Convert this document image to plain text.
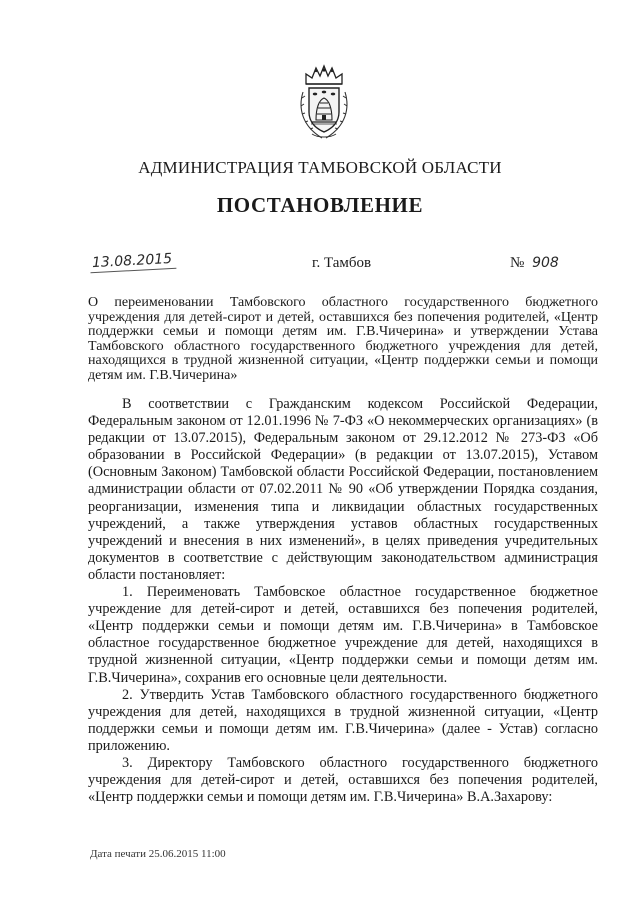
АДМИНИСТРАЦИЯ ТАМБОВСКОЙ ОБЛАСТИ
ПОСТАНОВЛЕНИЕ
13.08.2015	г. Тамбов	№ 908

О переименовании Тамбовского областного государственного бюджетного учреждения для детей-сирот и детей, оставшихся без попечения родителей, «Центр поддержки семьи и помощи детям им. Г.В.Чичерина» и утверждении Устава Тамбовского областного государственного бюджетного учреждения для детей, находящихся в трудной жизненной ситуации, «Центр поддержки семьи и помощи детям им. Г.В.Чичерина»

В соответствии с Гражданским кодексом Российской Федерации, Федеральным законом от 12.01.1996 № 7-ФЗ «О некоммерческих организациях» (в редакции от 13.07.2015), Федеральным законом от 29.12.2012 № 273-ФЗ «Об образовании в Российской Федерации» (в редакции от 13.07.2015), Уставом (Основным Законом) Тамбовской области Российской Федерации, постановлением администрации области от 07.02.2011 № 90 «Об утверждении Порядка создания, реорганизации, изменения типа и ликвидации областных государственных учреждений, а также утверждения уставов областных государственных учреждений и внесения в них изменений», в целях приведения учредительных документов в соответствие с действующим законодательством администрация области постановляет:

1. Переименовать Тамбовское областное государственное бюджетное учреждение для детей-сирот и детей, оставшихся без попечения родителей, «Центр поддержки семьи и помощи детям им. Г.В.Чичерина» в Тамбовское областное государственное бюджетное учреждение для детей, находящихся в трудной жизненной ситуации, «Центр поддержки семьи и помощи детям им. Г.В.Чичерина», сохранив его основные цели деятельности.

2. Утвердить Устав Тамбовского областного государственного бюджетного учреждения для детей, находящихся в трудной жизненной ситуации, «Центр поддержки семьи и помощи детям им. Г.В.Чичерина» (далее - Устав) согласно приложению.

3. Директору Тамбовского областного государственного бюджетного учреждения для детей-сирот и детей, оставшихся без попечения родителей, «Центр поддержки семьи и помощи детям им. Г.В.Чичерина» В.А.Захарову:

Дата печати 25.06.2015 11:00
